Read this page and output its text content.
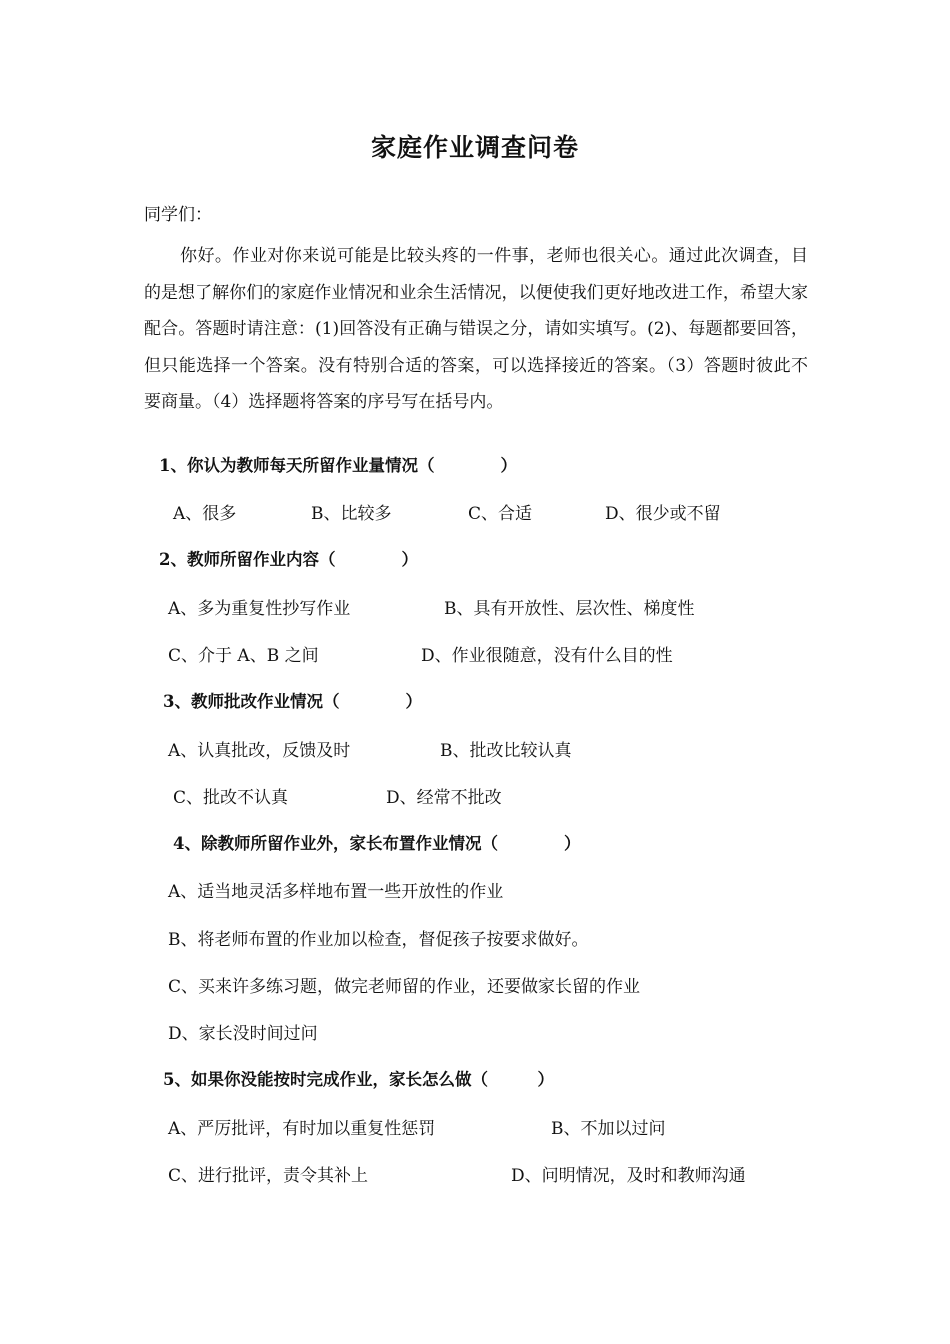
家庭作业调查问卷
同学们：
你好。作业对你来说可能是比较头疼的一件事，老师也很关心。通过此次调查，目的是想了解你们的家庭作业情况和业余生活情况，以便使我们更好地改进工作，希望大家配合。答题时请注意：(1)回答没有正确与错误之分，请如实填写。(2)、每题都要回答，但只能选择一个答案。没有特别合适的答案，可以选择接近的答案。（3）答题时彼此不要商量。（4）选择题将答案的序号写在括号内。
1、你认为教师每天所留作业量情况（　　　　）
A、很多	B、比较多	C、合适	D、很少或不留
2、教师所留作业内容（　　　　）
A、多为重复性抄写作业	B、具有开放性、层次性、梯度性
C、介于 A、B 之间	D、作业很随意，没有什么目的性
3、教师批改作业情况（　　　　）
A、认真批改，反馈及时	B、批改比较认真
C、批改不认真	D、经常不批改
4、除教师所留作业外，家长布置作业情况（　　　　）
A、适当地灵活多样地布置一些开放性的作业
B、将老师布置的作业加以检查，督促孩子按要求做好。
C、买来许多练习题，做完老师留的作业，还要做家长留的作业
D、家长没时间过问
5、如果你没能按时完成作业，家长怎么做（　　　）
A、严厉批评，有时加以重复性惩罚	B、不加以过问
C、进行批评，责令其补上	D、问明情况，及时和教师沟通
